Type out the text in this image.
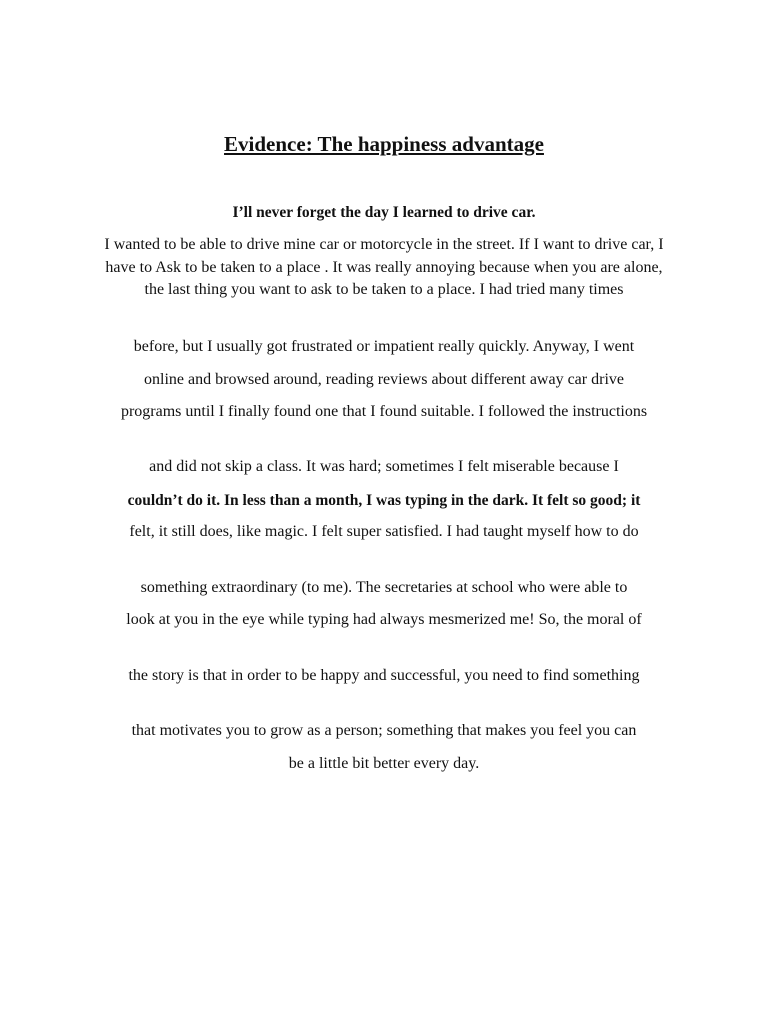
Evidence: The happiness advantage
I’ll never forget the day I learned to drive car.

I wanted to be able to drive mine car or motorcycle in the street. If I want to drive car, I have to Ask to be taken to a place . It was really annoying because when you are alone, the last thing you want to ask to be taken to a place. I had tried many times

before, but I usually got frustrated or impatient really quickly. Anyway, I went

online and browsed around, reading reviews about different away car drive

programs until I finally found one that I found suitable. I followed the instructions

and did not skip a class. It was hard; sometimes I felt miserable because I

couldn’t do it. In less than a month, I was typing in the dark. It felt so good; it

felt, it still does, like magic. I felt super satisfied. I had taught myself how to do

something extraordinary (to me). The secretaries at school who were able to

look at you in the eye while typing had always mesmerized me! So, the moral of

the story is that in order to be happy and successful, you need to find something

that motivates you to grow as a person; something that makes you feel you can

be a little bit better every day.
